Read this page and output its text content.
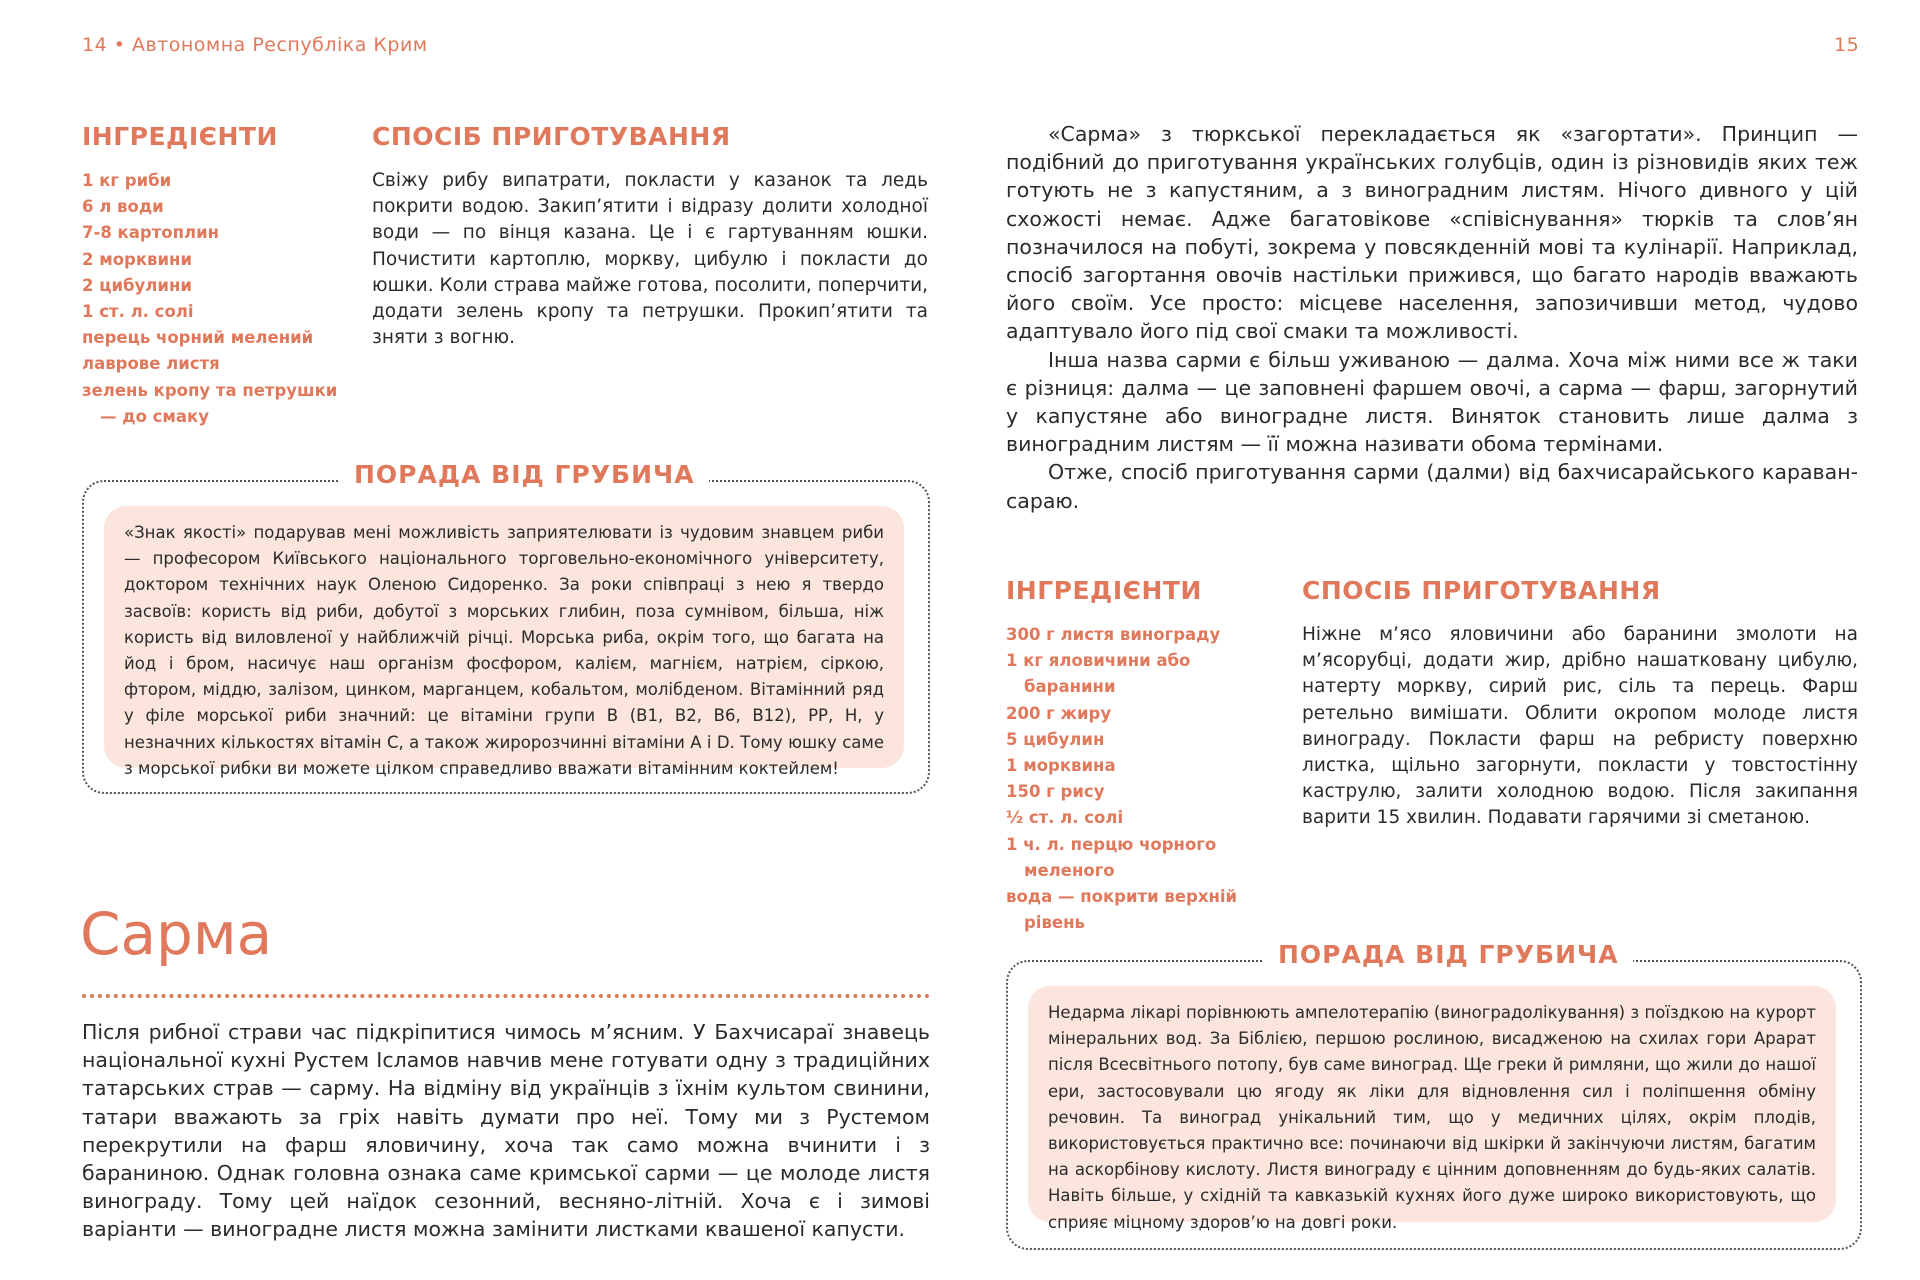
14 • Автономна Республіка Крим
ІНГРЕДІЄНТИ	СПОСІБ ПРИГОТУВАННЯ
1 кг риби
6 л води
7-8 картоплин
2 морквини
2 цибулини
1 ст. л. солі
перець чорний мелений
лаврове листя
зелень кропу та петрушки — до смаку

Свіжу рибу випатрати, покласти у казанок та ледь покрити водою. Закип’ятити і відразу долити холодної води — по вінця казана. Це і є гартуванням юшки. Почистити картоплю, моркву, цибулю і покласти до юшки. Коли страва майже готова, посолити, поперчити, додати зелень кропу та петрушки. Прокип’ятити та зняти з вогню.

ПОРАДА ВІД ГРУБИЧА

«Знак якості» подарував мені можливість заприятелювати із чудовим знавцем риби — професором Київського національного торговельно-економічного університету, доктором технічних наук Оленою Сидоренко. За роки співпраці з нею я твердо засвоїв: користь від риби, добутої з морських глибин, поза сумнівом, більша, ніж користь від виловленої у найближчій річці. Морська риба, окрім того, що багата на йод і бром, насичує наш організм фосфором, калієм, магнієм, натрієм, сіркою, фтором, міддю, залізом, цинком, марганцем, кобальтом, молібденом. Вітамінний ряд у філе морської риби значний: це вітаміни групи В (В1, В2, В6, В12), РР, Н, у незначних кількостях вітамін С, а також жиророзчинні вітаміни А і D. Тому юшку саме з морської рибки ви можете цілком справедливо вважати вітамінним коктейлем!

Сарма

Після рибної страви час підкріпитися чимось м’ясним. У Бахчисараї знавець національної кухні Рустем Ісламов навчив мене готувати одну з традиційних татарських страв — сарму. На відміну від українців з їхнім культом свинини, татари вважають за гріх навіть думати про неї. Тому ми з Рустемом перекрутили на фарш яловичину, хоча так само можна вчинити і з бараниною. Однак головна ознака саме кримської сарми — це молоде листя винограду. Тому цей наїдок сезонний, весняно-літній. Хоча є і зимові варіанти — виноградне листя можна замінити листками квашеної капусти.

15

«Сарма» з тюркської перекладається як «загортати». Принцип — подібний до приготування українських голубців, один із різновидів яких теж готують не з капустяним, а з виноградним листям. Нічого дивного у цій схожості немає. Адже багатовікове «співіснування» тюрків та слов’ян позначилося на побуті, зокрема у повсякденній мові та кулінарії. Наприклад, спосіб загортання овочів настільки прижився, що багато народів вважають його своїм. Усе просто: місцеве населення, запозичивши метод, чудово адаптувало його під свої смаки та можливості.

Інша назва сарми є більш уживаною — далма. Хоча між ними все ж таки є різниця: далма — це заповнені фаршем овочі, а сарма — фарш, загорнутий у капустяне або виноградне листя. Виняток становить лише далма з виноградним листям — її можна називати обома термінами.

Отже, спосіб приготування сарми (далми) від бахчисарайського караван-сараю.

ІНГРЕДІЄНТИ	СПОСІБ ПРИГОТУВАННЯ
300 г листя винограду
1 кг яловичини або баранини
200 г жиру
5 цибулин
1 морквина
150 г рису
½ ст. л. солі
1 ч. л. перцю чорного меленого
вода — покрити верхній рівень

Ніжне м’ясо яловичини або баранини змолоти на м’ясорубці, додати жир, дрібно нашатковану цибулю, натерту моркву, сирий рис, сіль та перець. Фарш ретельно вимішати. Облити окропом молоде листя винограду. Покласти фарш на ребристу поверхню листка, щільно загорнути, покласти у товстостінну каструлю, залити холодною водою. Після закипання варити 15 хвилин. Подавати гарячими зі сметаною.

ПОРАДА ВІД ГРУБИЧА

Недарма лікарі порівнюють ампелотерапію (виноградолікування) з поїздкою на курорт мінеральних вод. За Біблією, першою рослиною, висадженою на схилах гори Арарат після Всесвітнього потопу, був саме виноград. Ще греки й римляни, що жили до нашої ери, застосовували цю ягоду як ліки для відновлення сил і поліпшення обміну речовин. Та виноград унікальний тим, що у медичних цілях, окрім плодів, використовується практично все: починаючи від шкірки й закінчуючи листям, багатим на аскорбінову кислоту. Листя винограду є цінним доповненням до будь-яких салатів. Навіть більше, у східній та кавказькій кухнях його дуже широко використовують, що сприяє міцному здоров’ю на довгі роки.
